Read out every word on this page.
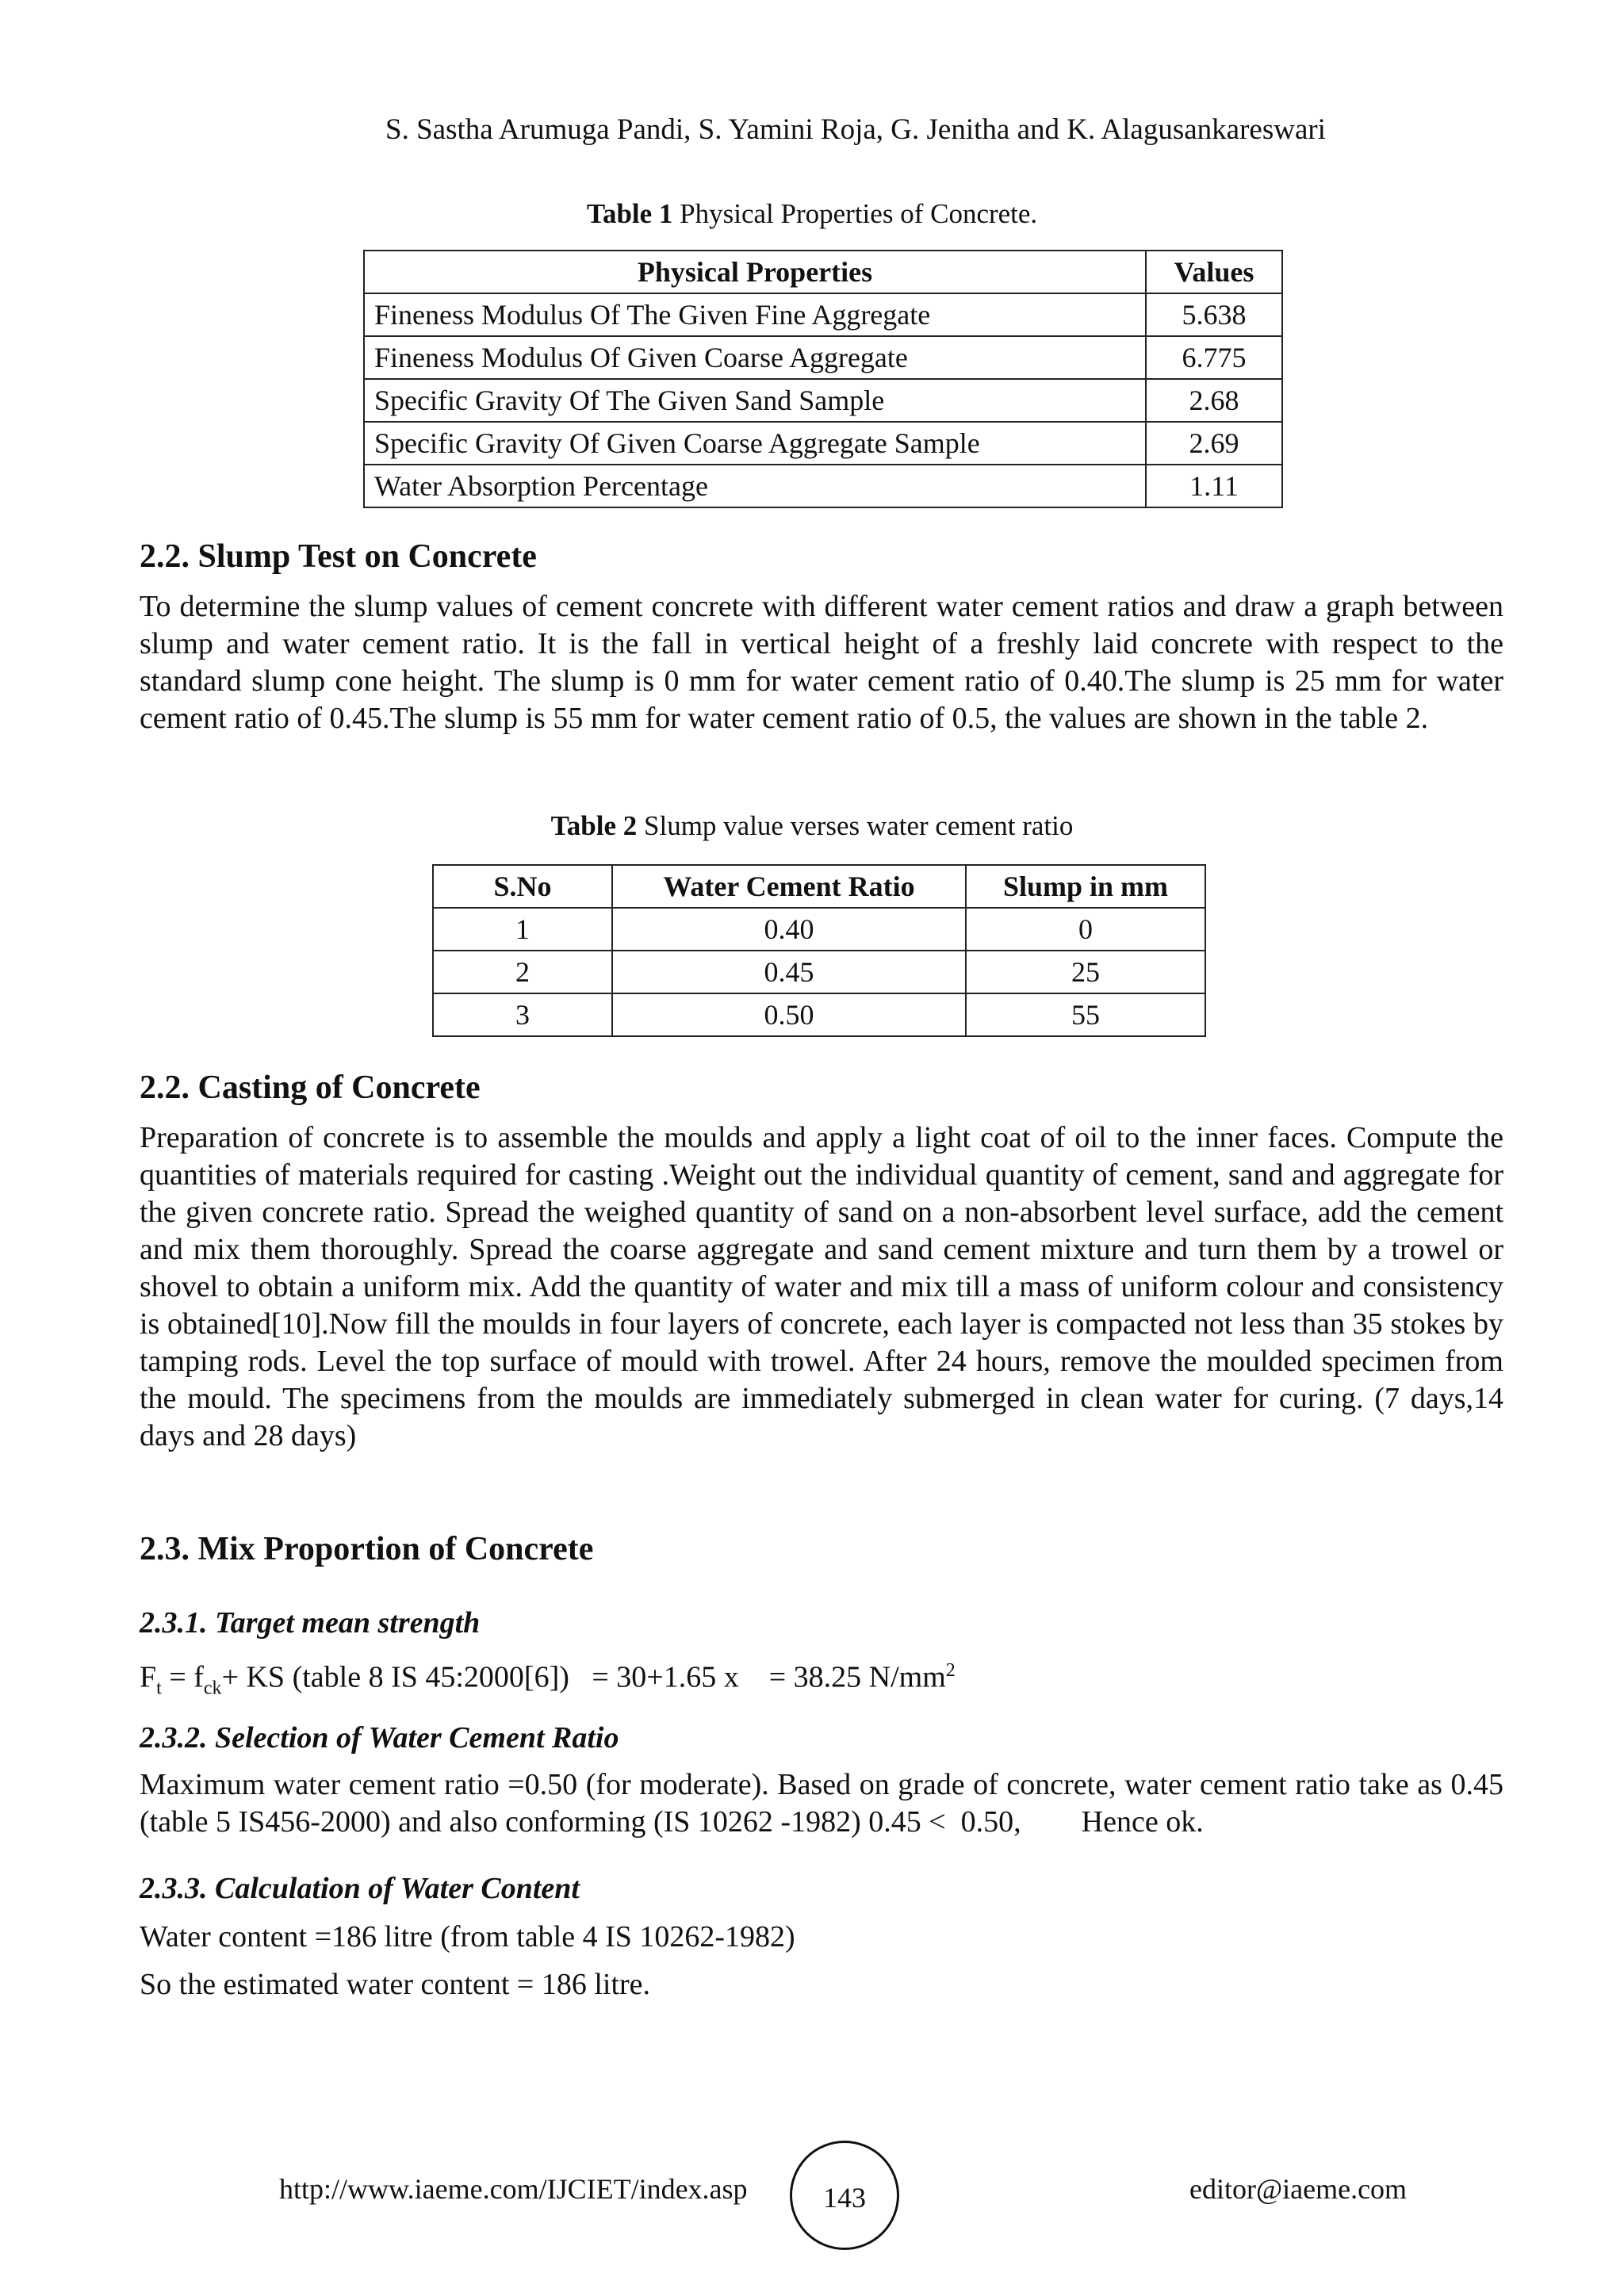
S. Sastha Arumuga Pandi, S. Yamini Roja, G. Jenitha and K. Alagusankareswari
Table 1 Physical Properties of Concrete.
Physical Properties	Values
Fineness Modulus Of The Given Fine Aggregate	5.638
Fineness Modulus Of Given Coarse Aggregate	6.775
Specific Gravity Of The Given Sand Sample	2.68
Specific Gravity Of Given Coarse Aggregate Sample	2.69
Water Absorption Percentage	1.11
2.2. Slump Test on Concrete
To determine the slump values of cement concrete with different water cement ratios and draw a graph between slump and water cement ratio. It is the fall in vertical height of a freshly laid concrete with respect to the standard slump cone height. The slump is 0 mm for water cement ratio of 0.40.The slump is 25 mm for water cement ratio of 0.45.The slump is 55 mm for water cement ratio of 0.5, the values are shown in the table 2.
Table 2 Slump value verses water cement ratio
S.No	Water Cement Ratio	Slump in mm
1	0.40	0
2	0.45	25
3	0.50	55
2.2. Casting of Concrete
Preparation of concrete is to assemble the moulds and apply a light coat of oil to the inner faces. Compute the quantities of materials required for casting .Weight out the individual quantity of cement, sand and aggregate for the given concrete ratio. Spread the weighed quantity of sand on a non-absorbent level surface, add the cement and mix them thoroughly. Spread the coarse aggregate and sand cement mixture and turn them by a trowel or shovel to obtain a uniform mix. Add the quantity of water and mix till a mass of uniform colour and consistency is obtained[10].Now fill the moulds in four layers of concrete, each layer is compacted not less than 35 stokes by tamping rods. Level the top surface of mould with trowel. After 24 hours, remove the moulded specimen from the mould. The specimens from the moulds are immediately submerged in clean water for curing. (7 days,14 days and 28 days)
2.3. Mix Proportion of Concrete
2.3.1. Target mean strength
$F_t = f_{ck}+$ KS (table 8 IS 45:2000[6])   = 30+1.65 x    = 38.25 $N/mm^2$
2.3.2. Selection of Water Cement Ratio
Maximum water cement ratio =0.50 (for moderate). Based on grade of concrete, water cement ratio take as 0.45 (table 5 IS456-2000) and also conforming (IS 10262 -1982) 0.45 <  0.50,        Hence ok.
2.3.3. Calculation of Water Content
Water content =186 litre (from table 4 IS 10262-1982)
So the estimated water content = 186 litre.
http://www.iaeme.com/IJCIET/index.asp	143	editor@iaeme.com
